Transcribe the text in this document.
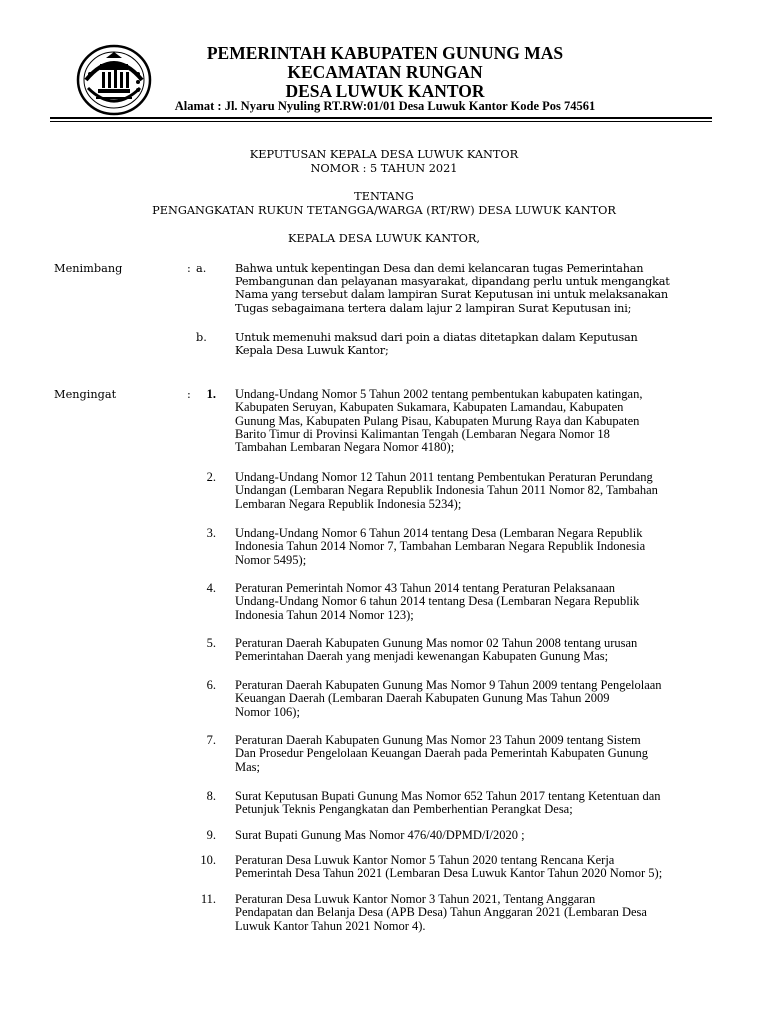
PEMERINTAH KABUPATEN GUNUNG MAS
KECAMATAN RUNGAN
DESA LUWUK KANTOR
Alamat : Jl. Nyaru Nyuling RT.RW:01/01 Desa Luwuk Kantor Kode Pos 74561
KEPUTUSAN KEPALA DESA LUWUK KANTOR
NOMOR : 5 TAHUN 2021
TENTANG
PENGANGKATAN RUKUN TETANGGA/WARGA (RT/RW) DESA LUWUK KANTOR
KEPALA DESA LUWUK KANTOR,
Menimbang	: a.	Bahwa untuk kepentingan Desa dan demi kelancaran tugas Pemerintahan
Pembangunan dan pelayanan masyarakat, dipandang perlu untuk mengangkat
Nama yang tersebut dalam lampiran Surat Keputusan ini untuk melaksanakan
Tugas sebagaimana tertera dalam lajur 2 lampiran Surat Keputusan ini;
b.	Untuk memenuhi maksud dari poin a diatas ditetapkan dalam Keputusan
Kepala Desa Luwuk Kantor;
Mengingat	:	1. Undang-Undang Nomor 5 Tahun 2002 tentang pembentukan kabupaten katingan,
Kabupaten Seruyan, Kabupaten Sukamara, Kabupaten Lamandau, Kabupaten
Gunung Mas, Kabupaten Pulang Pisau, Kabupaten Murung Raya dan Kabupaten
Barito Timur di Provinsi Kalimantan Tengah (Lembaran Negara Nomor 18
Tambahan Lembaran Negara Nomor 4180);
2. Undang-Undang Nomor 12 Tahun 2011 tentang Pembentukan Peraturan Perundang
Undangan (Lembaran Negara Republik Indonesia Tahun 2011 Nomor 82, Tambahan
Lembaran Negara Republik Indonesia 5234);
3. Undang-Undang Nomor 6 Tahun 2014 tentang Desa (Lembaran Negara Republik
Indonesia Tahun 2014 Nomor 7, Tambahan Lembaran Negara Republik Indonesia
Nomor 5495);
4. Peraturan Pemerintah Nomor 43 Tahun 2014 tentang Peraturan Pelaksanaan
Undang-Undang Nomor 6 tahun 2014 tentang Desa (Lembaran Negara Republik
Indonesia Tahun 2014 Nomor 123);
5. Peraturan Daerah Kabupaten Gunung Mas nomor 02 Tahun 2008 tentang urusan
Pemerintahan Daerah yang menjadi kewenangan Kabupaten Gunung Mas;
6. Peraturan Daerah Kabupaten Gunung Mas Nomor 9 Tahun 2009 tentang Pengelolaan
Keuangan Daerah (Lembaran Daerah Kabupaten Gunung Mas Tahun 2009
Nomor 106);
7. Peraturan Daerah Kabupaten Gunung Mas Nomor 23 Tahun 2009 tentang Sistem
Dan Prosedur Pengelolaan Keuangan Daerah pada Pemerintah Kabupaten Gunung
Mas;
8. Surat Keputusan Bupati Gunung Mas Nomor 652 Tahun 2017 tentang Ketentuan dan
Petunjuk Teknis Pengangkatan dan Pemberhentian Perangkat Desa;
9. Surat Bupati Gunung Mas Nomor 476/40/DPMD/I/2020 ;
10. Peraturan Desa Luwuk Kantor Nomor 5 Tahun 2020 tentang Rencana Kerja
Pemerintah Desa Tahun 2021 (Lembaran Desa Luwuk Kantor Tahun 2020 Nomor 5);
11. Peraturan Desa Luwuk Kantor Nomor 3 Tahun 2021, Tentang Anggaran
Pendapatan dan Belanja Desa (APB Desa) Tahun Anggaran 2021 (Lembaran Desa
Luwuk Kantor Tahun 2021 Nomor 4).
